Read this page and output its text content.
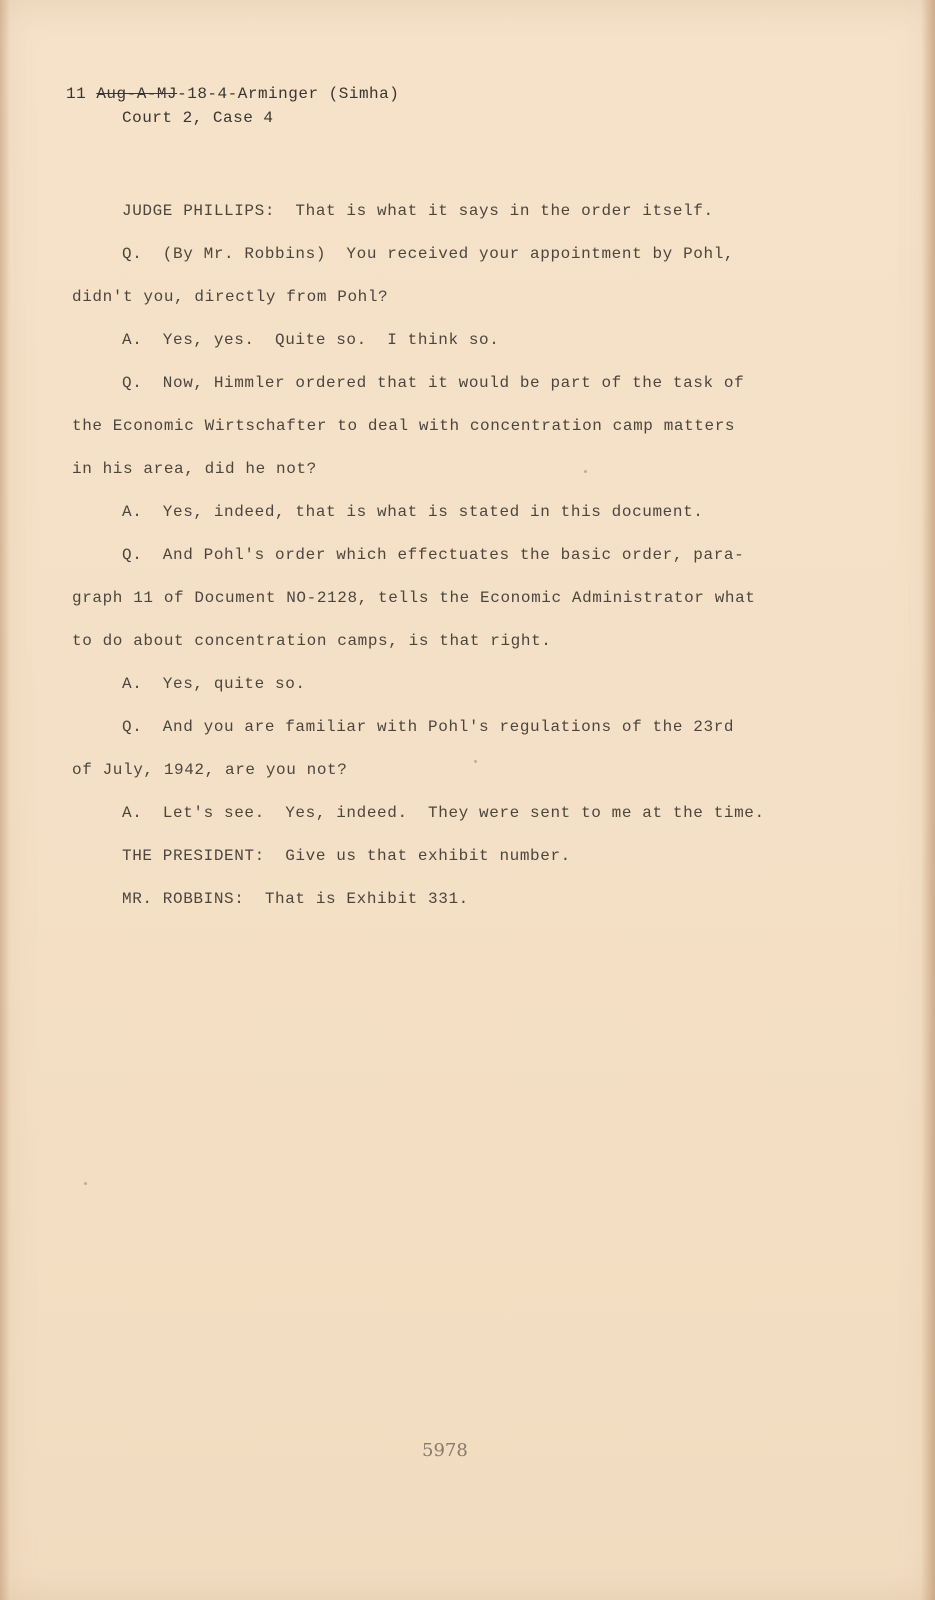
11 Aug-A-MJ-18-4-Arminger (Simha)
Court 2, Case 4
JUDGE PHILLIPS:  That is what it says in the order itself.
Q.  (By Mr. Robbins)  You received your appointment by Pohl,
didn't you, directly from Pohl?
A.  Yes, yes.  Quite so.  I think so.
Q.  Now, Himmler ordered that it would be part of the task of
the Economic Wirtschafter to deal with concentration camp matters
in his area, did he not?
A.  Yes, indeed, that is what is stated in this document.
Q.  And Pohl's order which effectuates the basic order, para-
graph 11 of Document NO-2128, tells the Economic Administrator what
to do about concentration camps, is that right.
A.  Yes, quite so.
Q.  And you are familiar with Pohl's regulations of the 23rd
of July, 1942, are you not?
A.  Let's see.  Yes, indeed.  They were sent to me at the time.
THE PRESIDENT:  Give us that exhibit number.
MR. ROBBINS:  That is Exhibit 331.
5978
